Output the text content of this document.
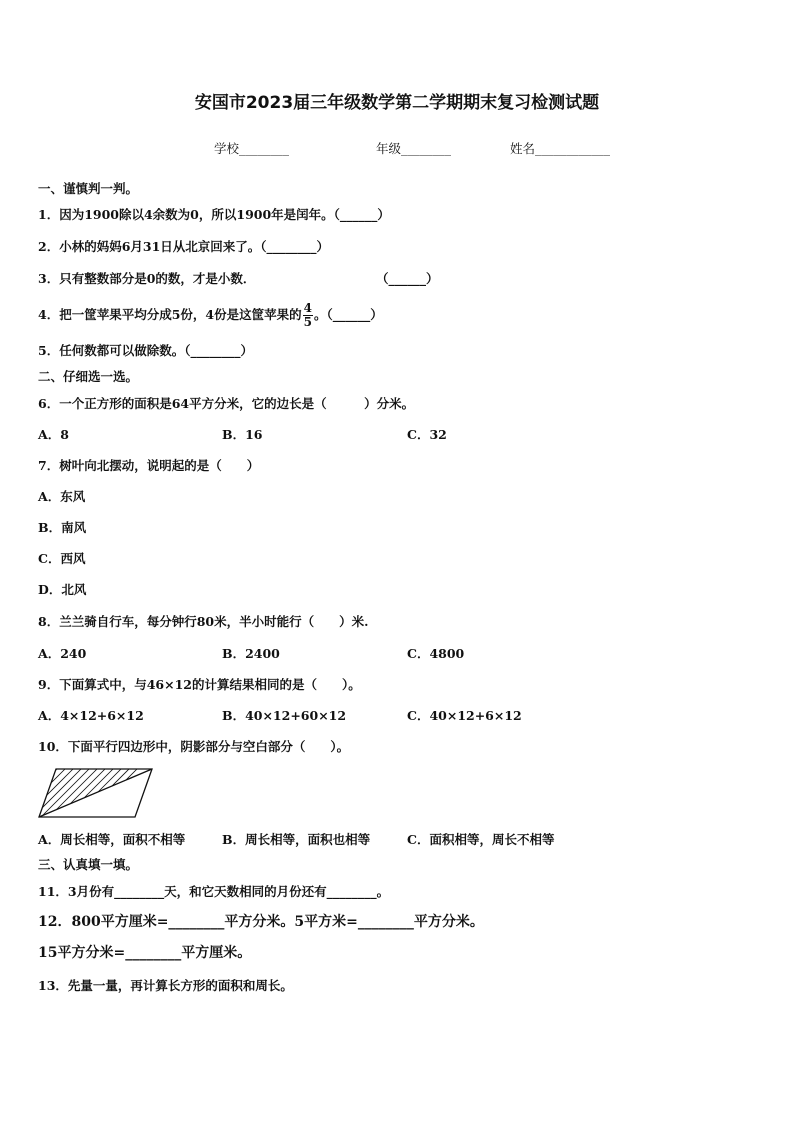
安国市2023届三年级数学第二学期期末复习检测试题
学校________	年级________	姓名____________
一、谨慎判一判。
1．因为1900除以4余数为0，所以1900年是闰年。（______）
2．小林的妈妈6月31日从北京回来了。（________）
3．只有整数部分是0的数，才是小数．	（______）
4．把一筐苹果平均分成5份，4份是这筐苹果的 $\frac{4}{5}$ 。（______）
5．任何数都可以做除数。（________）
二、仔细选一选。
6．一个正方形的面积是64平方分米，它的边长是（　　　）分米。
A．8	B．16	C．32
7．树叶向北摆动，说明起的是（　　）
A．东风
B．南风
C．西风
D．北风
8．兰兰骑自行车，每分钟行80米，半小时能行（　　）米.
A．240	B．2400	C．4800
9．下面算式中，与46×12的计算结果相同的是（　　）。
A．4×12+6×12	B．40×12+60×12	C．40×12+6×12
10．下面平行四边形中，阴影部分与空白部分（　　）。
A．周长相等，面积不相等	B．周长相等，面积也相等	C．面积相等，周长不相等
三、认真填一填。
11．3月份有________天，和它天数相同的月份还有________。
12．800平方厘米=________平方分米。5平方米=________平方分米。
15平方分米=________平方厘米。
13．先量一量，再计算长方形的面积和周长。
